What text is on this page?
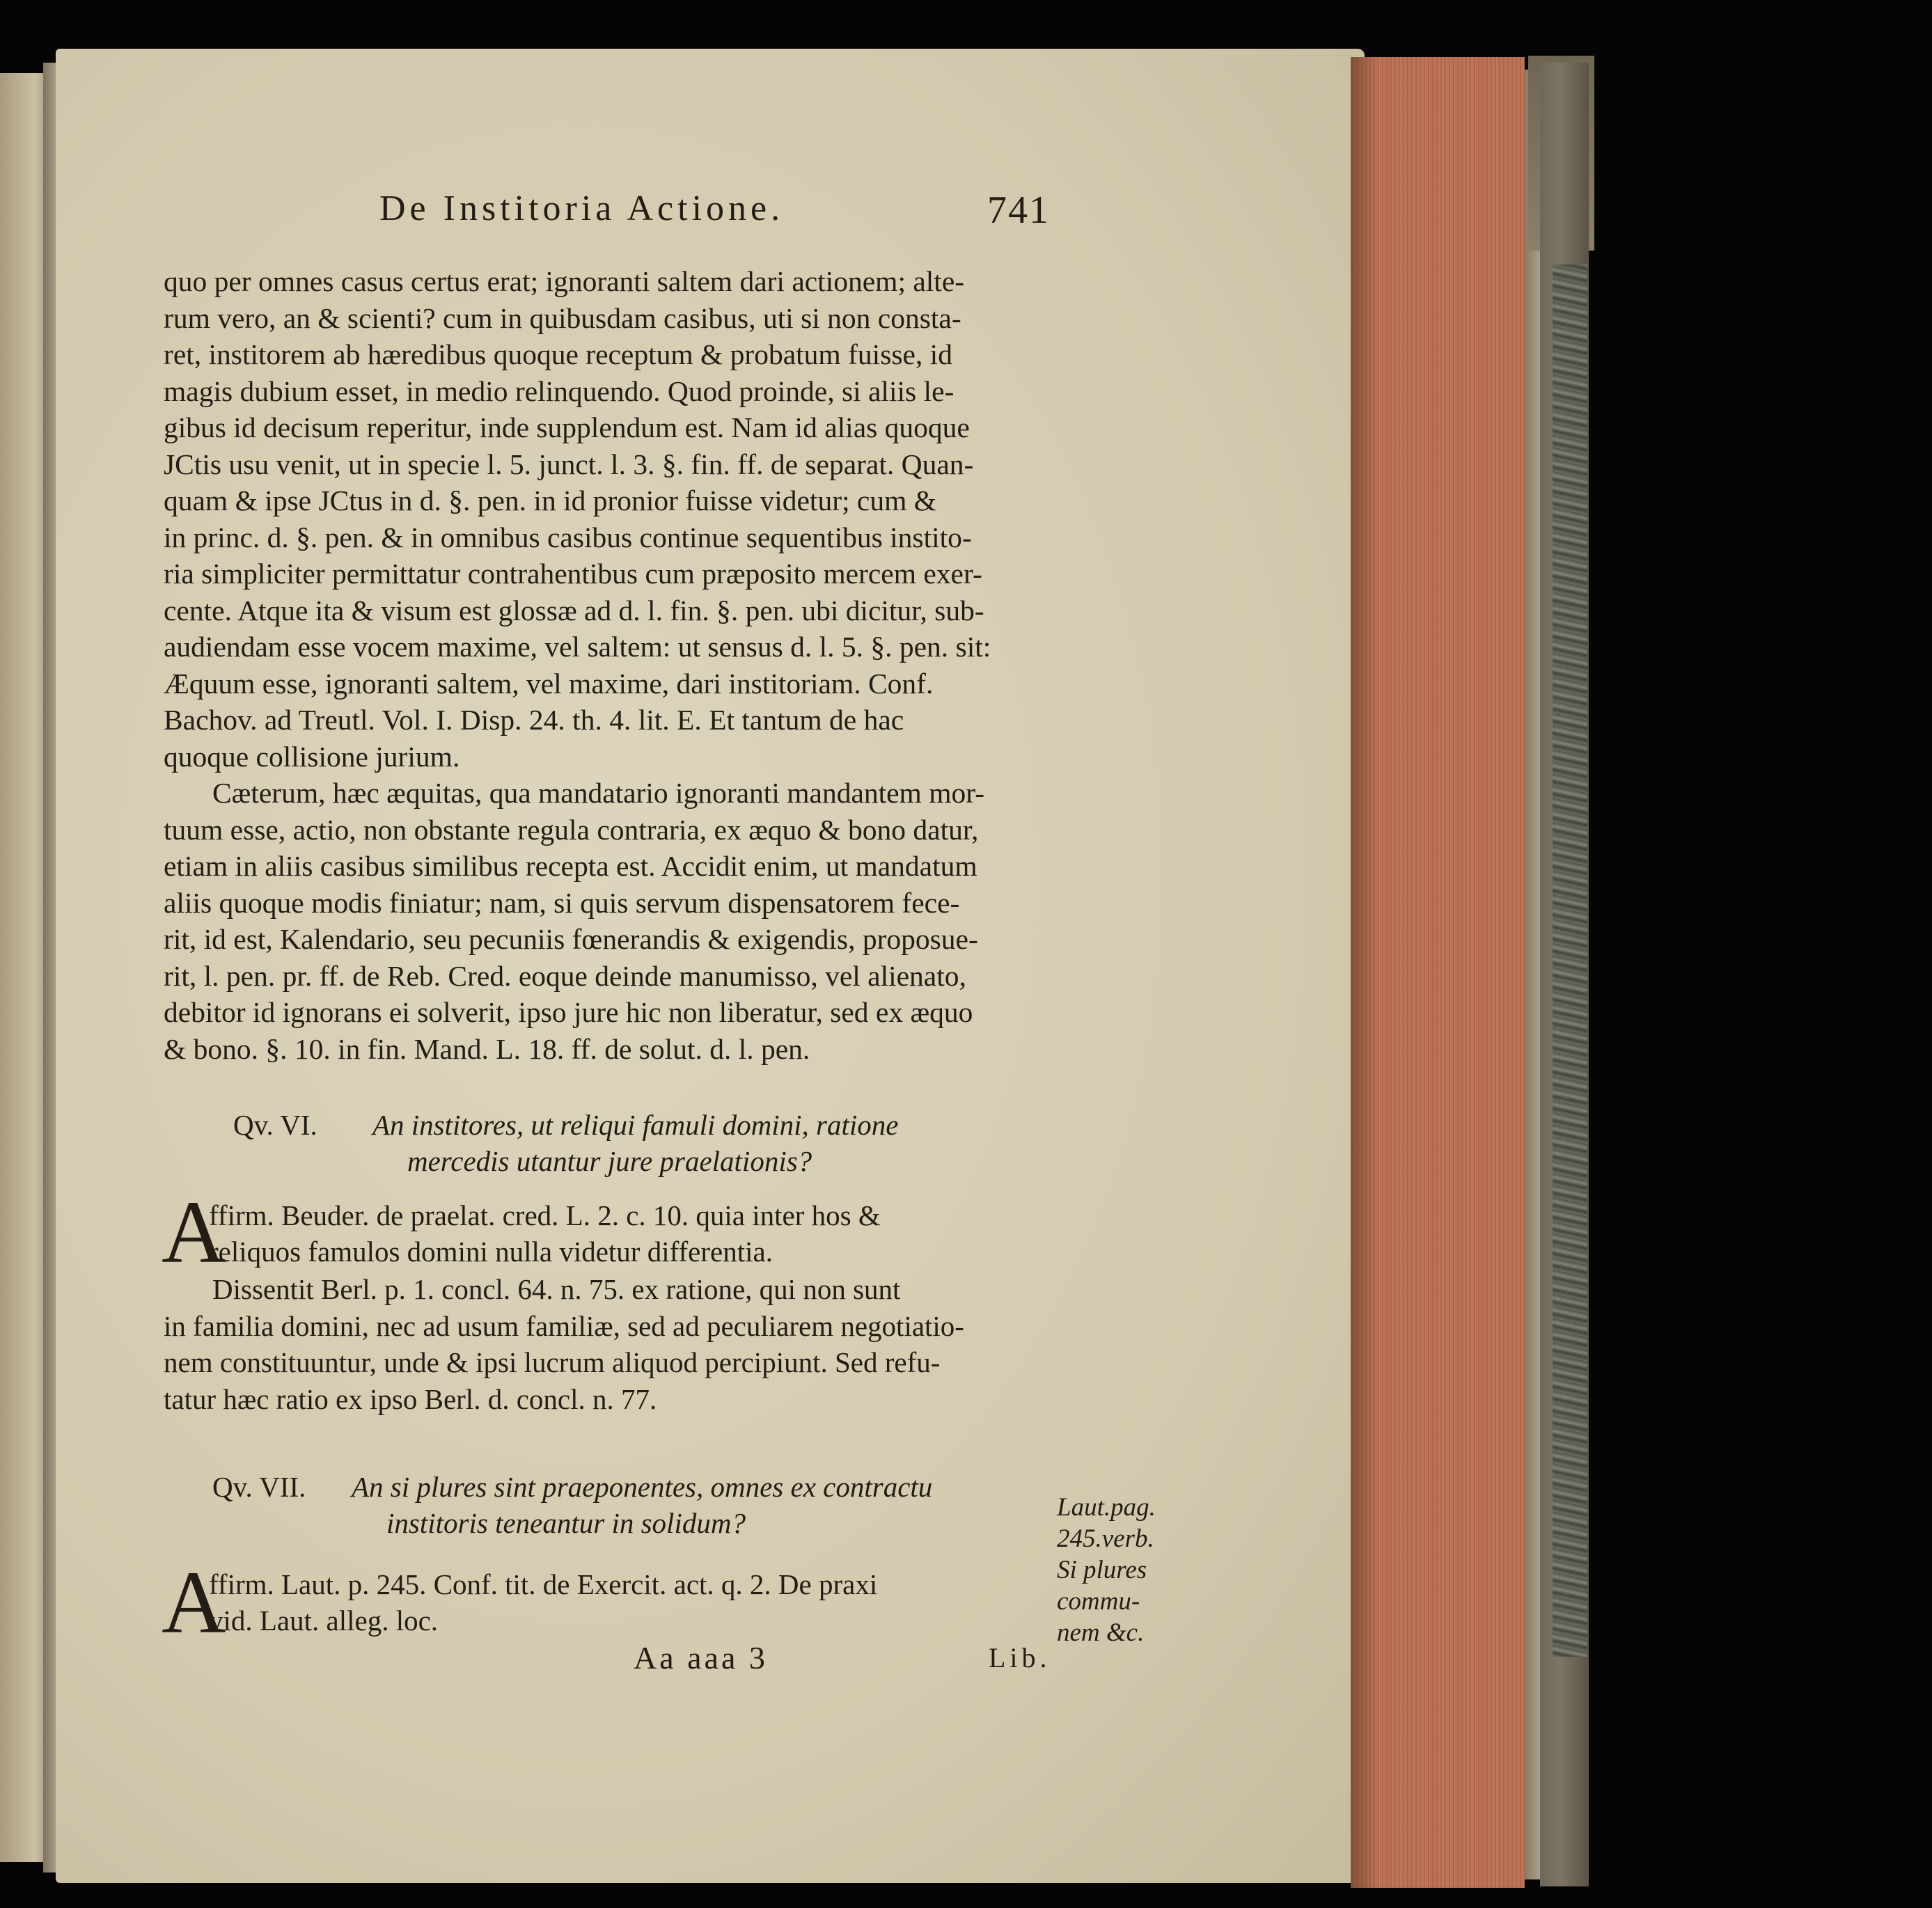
De Institoria Actione.	741
quo per omnes casus certus erat; ignoranti saltem dari actionem; alte-
rum vero, an & scienti? cum in quibusdam casibus, uti si non consta-
ret, institorem ab hæredibus quoque receptum & probatum fuisse, id
magis dubium esset, in medio relinquendo. Quod proinde, si aliis le-
gibus id decisum reperitur, inde supplendum est. Nam id alias quoque
JCtis usu venit, ut in specie l. 5. junct. l. 3. §. fin. ff. de separat. Quan-
quam & ipse JCtus in d. §. pen. in id pronior fuisse videtur; cum &
in princ. d. §. pen. & in omnibus casibus continue sequentibus instito-
ria simpliciter permittatur contrahentibus cum præposito mercem exer-
cente. Atque ita & visum est glossæ ad d. l. fin. §. pen. ubi dicitur, sub-
audiendam esse vocem maxime, vel saltem: ut sensus d. l. 5. §. pen. sit:
Æquum esse, ignoranti saltem, vel maxime, dari institoriam. Conf.
Bachov. ad Treutl. Vol. I. Disp. 24. th. 4. lit. E. Et tantum de hac
quoque collisione jurium.
Cæterum, hæc æquitas, qua mandatario ignoranti mandantem mor-
tuum esse, actio, non obstante regula contraria, ex æquo & bono datur,
etiam in aliis casibus similibus recepta est. Accidit enim, ut mandatum
aliis quoque modis finiatur; nam, si quis servum dispensatorem fece-
rit, id est, Kalendario, seu pecuniis fœnerandis & exigendis, proposue-
rit, l. pen. pr. ff. de Reb. Cred. eoque deinde manumisso, vel alienato,
debitor id ignorans ei solverit, ipso jure hic non liberatur, sed ex æquo
& bono. §. 10. in fin. Mand. L. 18. ff. de solut. d. l. pen.
Qv. VI. An institores, ut reliqui famuli domini, ratione
mercedis utantur jure praelationis?
A
ffirm. Beuder. de praelat. cred. L. 2. c. 10. quia inter hos &
reliquos famulos domini nulla videtur differentia.
Dissentit Berl. p. 1. concl. 64. n. 75. ex ratione, qui non sunt
in familia domini, nec ad usum familiæ, sed ad peculiarem negotiatio-
nem constituuntur, unde & ipsi lucrum aliquod percipiunt. Sed refu-
tatur hæc ratio ex ipso Berl. d. concl. n. 77.
Qv. VII. An si plures sint praeponentes, omnes ex contractu
institoris teneantur in solidum?
A
ffirm. Laut. p. 245. Conf. tit. de Exercit. act. q. 2. De praxi
vid. Laut. alleg. loc.
Aa aaa 3	Lib.
Laut.pag.
245.verb.
Si plures
commu-
nem &c.
